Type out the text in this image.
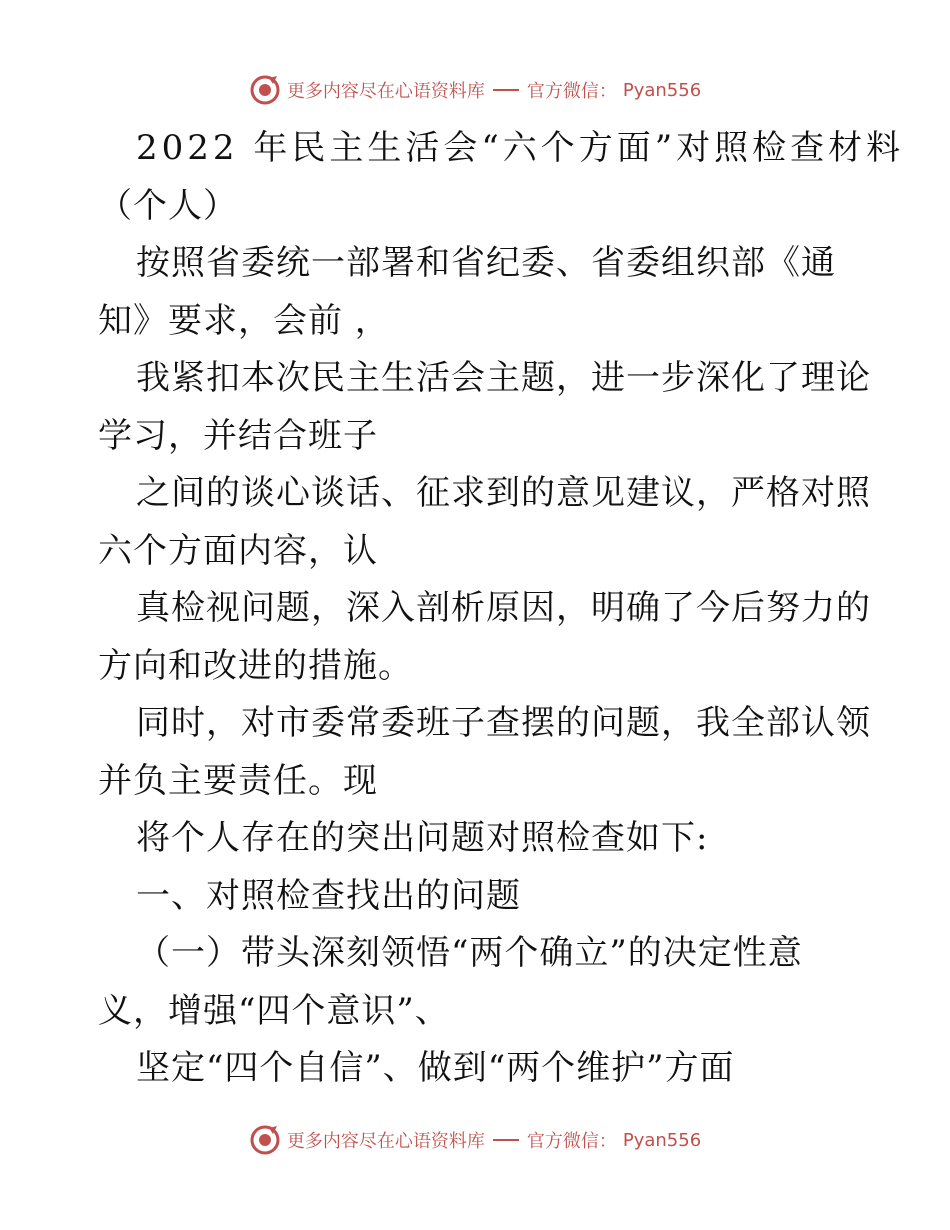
更多内容尽在心语资料库 官方微信： Pyan556
2022 年民主生活会“六个方面”对照检查材料
（个人）
按照省委统一部署和省纪委、省委组织部《通
知》要求，会前 ，
我紧扣本次民主生活会主题，进一步深化了理论
学习，并结合班子
之间的谈心谈话、征求到的意见建议，严格对照
六个方面内容，认
真检视问题，深入剖析原因，明确了今后努力的
方向和改进的措施。
同时，对市委常委班子查摆的问题，我全部认领
并负主要责任。现
将个人存在的突出问题对照检查如下:
一、对照检查找出的问题
（一）带头深刻领悟“两个确立”的决定性意
义，增强“四个意识”、
坚定“四个自信”、做到“两个维护”方面
更多内容尽在心语资料库 官方微信： Pyan556
